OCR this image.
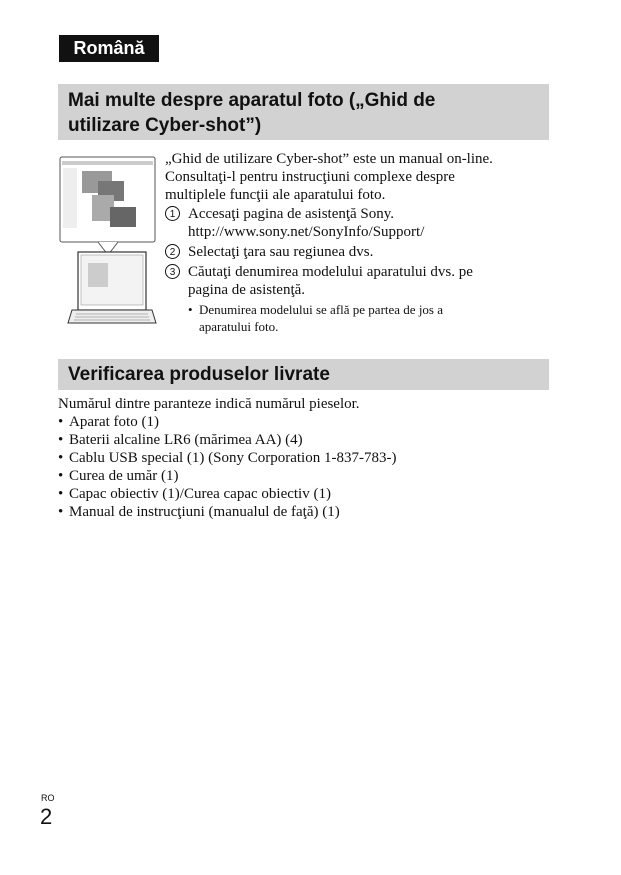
Română
Mai multe despre aparatul foto („Ghid de
utilizare Cyber-shot”)
„Ghid de utilizare Cyber-shot” este un manual on-line.
Consultaţi-l pentru instrucţiuni complexe despre
multiplele funcţii ale aparatului foto.
1 Accesaţi pagina de asistenţă Sony.
http://www.sony.net/SonyInfo/Support/
2 Selectaţi ţara sau regiunea dvs.
3 Căutaţi denumirea modelului aparatului dvs. pe
pagina de asistenţă.
• Denumirea modelului se află pe partea de jos a
aparatului foto.
Verificarea produselor livrate
Numărul dintre paranteze indică numărul pieselor.
• Aparat foto (1)
• Baterii alcaline LR6 (mărimea AA) (4)
• Cablu USB special (1) (Sony Corporation 1-837-783-)
• Curea de umăr (1)
• Capac obiectiv (1)/Curea capac obiectiv (1)
• Manual de instrucţiuni (manualul de faţă) (1)
RO
2
